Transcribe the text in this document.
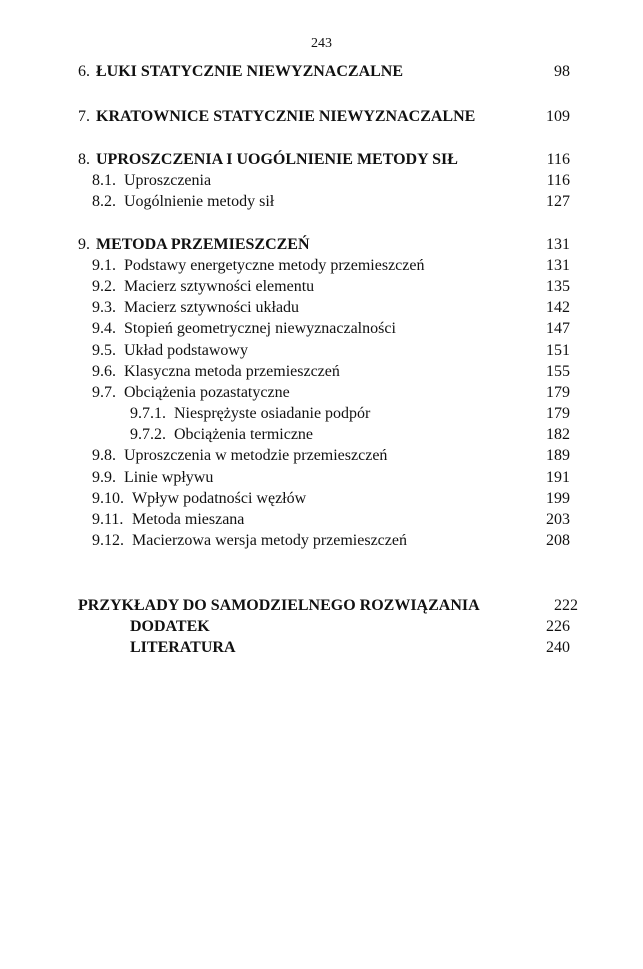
243
6. ŁUKI STATYCZNIE NIEWYZNACZALNE	98
7. KRATOWNICE STATYCZNIE NIEWYZNACZALNE	109
8. UPROSZCZENIA I UOGÓLNIENIE METODY SIŁ	116
8.1. Uproszczenia	116
8.2. Uogólnienie metody sił	127
9. METODA PRZEMIESZCZEŃ	131
9.1. Podstawy energetyczne metody przemieszczeń	131
9.2. Macierz sztywności elementu	135
9.3. Macierz sztywności układu	142
9.4. Stopień geometrycznej niewyznaczalności	147
9.5. Układ podstawowy	151
9.6. Klasyczna metoda przemieszczeń	155
9.7. Obciążenia pozastatyczne	179
9.7.1. Niesprężyste osiadanie podpór	179
9.7.2. Obciążenia termiczne	182
9.8. Uproszczenia w metodzie przemieszczeń	189
9.9. Linie wpływu	191
9.10. Wpływ podatności węzłów	199
9.11. Metoda mieszana	203
9.12. Macierzowa wersja metody przemieszczeń	208
PRZYKŁADY DO SAMODZIELNEGO ROZWIĄZANIA	222
DODATEK	226
LITERATURA	240
